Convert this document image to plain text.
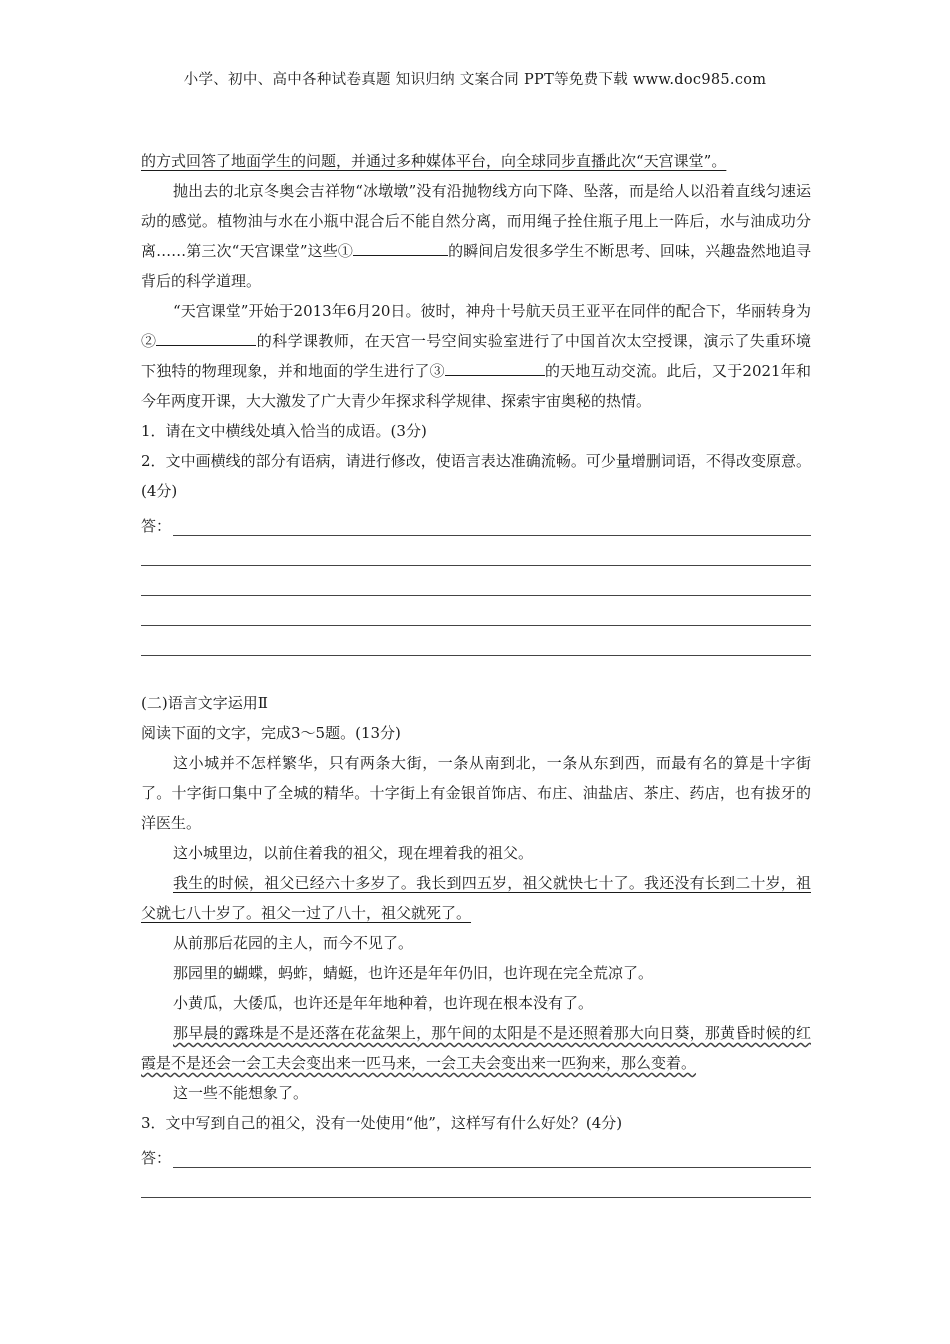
小学、初中、高中各种试卷真题 知识归纳 文案合同 PPT等免费下载 www.doc985.com

的方式回答了地面学生的问题，并通过多种媒体平台，向全球同步直播此次“天宫课堂”。

抛出去的北京冬奥会吉祥物“冰墩墩”没有沿抛物线方向下降、坠落，而是给人以沿着直线匀速运动的感觉。植物油与水在小瓶中混合后不能自然分离，而用绳子拴住瓶子甩上一阵后，水与油成功分离……第三次“天宫课堂”这些①	的瞬间启发很多学生不断思考、回味，兴趣盎然地追寻背后的科学道理。

“天宫课堂”开始于2013年6月20日。彼时，神舟十号航天员王亚平在同伴的配合下，华丽转身为②	的科学课教师，在天宫一号空间实验室进行了中国首次太空授课，演示了失重环境下独特的物理现象，并和地面的学生进行了③	的天地互动交流。此后，又于2021年和今年两度开课，大大激发了广大青少年探求科学规律、探索宇宙奥秘的热情。

1．请在文中横线处填入恰当的成语。(3分)

2．文中画横线的部分有语病，请进行修改，使语言表达准确流畅。可少量增删词语，不得改变原意。(4分)

答：

(二)语言文字运用Ⅱ

阅读下面的文字，完成3～5题。(13分)

这小城并不怎样繁华，只有两条大街，一条从南到北，一条从东到西，而最有名的算是十字街了。十字街口集中了全城的精华。十字街上有金银首饰店、布庄、油盐店、茶庄、药店，也有拔牙的洋医生。

这小城里边，以前住着我的祖父，现在埋着我的祖父。

我生的时候，祖父已经六十多岁了。我长到四五岁，祖父就快七十了。我还没有长到二十岁，祖父就七八十岁了。祖父一过了八十，祖父就死了。

从前那后花园的主人，而今不见了。

那园里的蝴蝶，蚂蚱，蜻蜓，也许还是年年仍旧，也许现在完全荒凉了。

小黄瓜，大倭瓜，也许还是年年地种着，也许现在根本没有了。

那早晨的露珠是不是还落在花盆架上，那午间的太阳是不是还照着那大向日葵，那黄昏时候的红霞是不是还会一会工夫会变出来一匹马来，一会工夫会变出来一匹狗来，那么变着。

这一些不能想象了。

3．文中写到自己的祖父，没有一处使用“他”，这样写有什么好处？(4分)

答：
